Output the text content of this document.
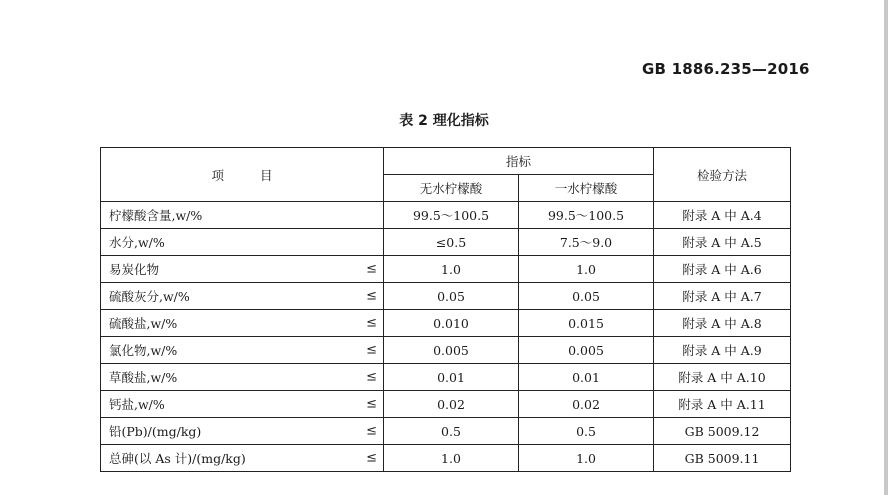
GB 1886.235—2016
表 2 理化指标
项 目	指标		检验方法
	无水柠檬酸	一水柠檬酸	
柠檬酸含量,w/%	99.5～100.5	99.5～100.5	附录 A 中 A.4
水分,w/%	≤0.5	7.5～9.0	附录 A 中 A.5
易炭化物 ≤	1.0	1.0	附录 A 中 A.6
硫酸灰分,w/% ≤	0.05	0.05	附录 A 中 A.7
硫酸盐,w/% ≤	0.010	0.015	附录 A 中 A.8
氯化物,w/% ≤	0.005	0.005	附录 A 中 A.9
草酸盐,w/% ≤	0.01	0.01	附录 A 中 A.10
钙盐,w/% ≤	0.02	0.02	附录 A 中 A.11
铅(Pb)/(mg/kg) ≤	0.5	0.5	GB 5009.12
总砷(以 As 计)/(mg/kg) ≤	1.0	1.0	GB 5009.11
